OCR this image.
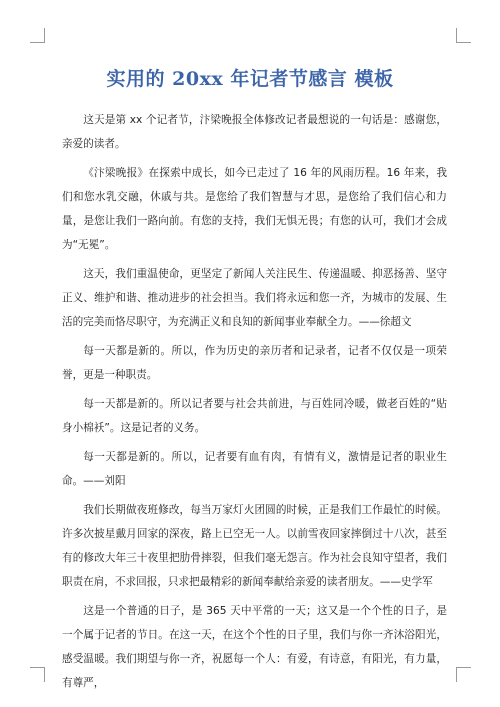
实用的 20xx 年记者节感言 模板

这天是第 xx 个记者节，汴梁晚报全体修改记者最想说的一句话是：感谢您，亲爱的读者。

《汴梁晚报》在探索中成长，如今已走过了 16 年的风雨历程。16 年来，我们和您水乳交融，休戚与共。是您给了我们智慧与才思，是您给了我们信心和力量，是您让我们一路向前。有您的支持，我们无惧无畏；有您的认可，我们才会成为“无冕”。

这天，我们重温使命，更坚定了新闻人关注民生、传递温暖、抑恶扬善、坚守正义、维护和谐、推动进步的社会担当。我们将永远和您一齐，为城市的发展、生活的完美而恪尽职守，为充满正义和良知的新闻事业奉献全力。——徐超文

每一天都是新的。所以，作为历史的亲历者和记录者，记者不仅仅是一项荣誉，更是一种职责。

每一天都是新的。所以记者要与社会共前进，与百姓同冷暖，做老百姓的“贴身小棉袄”。这是记者的义务。

每一天都是新的。所以，记者要有血有肉，有情有义，激情是记者的职业生命。——刘阳

我们长期做夜班修改，每当万家灯火团圆的时候，正是我们工作最忙的时候。许多次披星戴月回家的深夜，路上已空无一人。以前雪夜回家摔倒过十八次，甚至有的修改大年三十夜里把肋骨摔裂，但我们毫无怨言。作为社会良知守望者，我们职责在肩，不求回报，只求把最精彩的新闻奉献给亲爱的读者朋友。——史学军

这是一个普通的日子，是 365 天中平常的一天；这又是一个个性的日子，是一个属于记者的节日。在这一天，在这个个性的日子里，我们与你一齐沐浴阳光，感受温暖。我们期望与你一齐，祝愿每一个人：有爱，有诗意，有阳光，有力量，有尊严，
